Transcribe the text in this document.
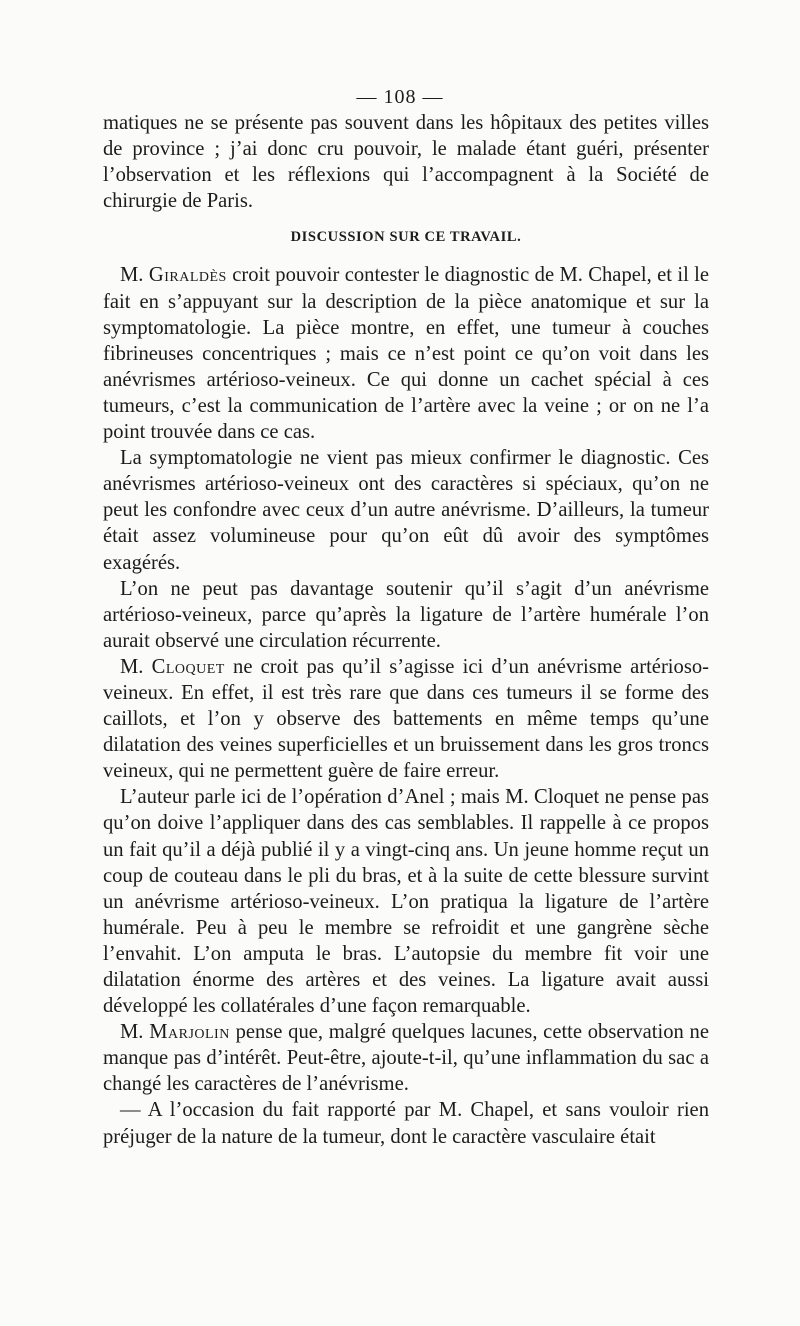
— 108 —

matiques ne se présente pas souvent dans les hôpitaux des petites villes de province ; j’ai donc cru pouvoir, le malade étant guéri, présenter l’observation et les réflexions qui l’accompagnent à la Société de chirurgie de Paris.

DISCUSSION SUR CE TRAVAIL.

M. Giraldès croit pouvoir contester le diagnostic de M. Chapel, et il le fait en s’appuyant sur la description de la pièce anatomique et sur la symptomatologie. La pièce montre, en effet, une tumeur à couches fibrineuses concentriques ; mais ce n’est point ce qu’on voit dans les anévrismes artérioso-veineux. Ce qui donne un cachet spécial à ces tumeurs, c’est la communication de l’artère avec la veine ; or on ne l’a point trouvée dans ce cas.

La symptomatologie ne vient pas mieux confirmer le diagnostic. Ces anévrismes artérioso-veineux ont des caractères si spéciaux, qu’on ne peut les confondre avec ceux d’un autre anévrisme. D’ailleurs, la tumeur était assez volumineuse pour qu’on eût dû avoir des symptômes exagérés.

L’on ne peut pas davantage soutenir qu’il s’agit d’un anévrisme artérioso-veineux, parce qu’après la ligature de l’artère humérale l’on aurait observé une circulation récurrente.

M. Cloquet ne croit pas qu’il s’agisse ici d’un anévrisme artérioso-veineux. En effet, il est très rare que dans ces tumeurs il se forme des caillots, et l’on y observe des battements en même temps qu’une dilatation des veines superficielles et un bruissement dans les gros troncs veineux, qui ne permettent guère de faire erreur.

L’auteur parle ici de l’opération d’Anel ; mais M. Cloquet ne pense pas qu’on doive l’appliquer dans des cas semblables. Il rappelle à ce propos un fait qu’il a déjà publié il y a vingt-cinq ans. Un jeune homme reçut un coup de couteau dans le pli du bras, et à la suite de cette blessure survint un anévrisme artérioso-veineux. L’on pratiqua la ligature de l’artère humérale. Peu à peu le membre se refroidit et une gangrène sèche l’envahit. L’on amputa le bras. L’autopsie du membre fit voir une dilatation énorme des artères et des veines. La ligature avait aussi développé les collatérales d’une façon remarquable.

M. Marjolin pense que, malgré quelques lacunes, cette observation ne manque pas d’intérêt. Peut-être, ajoute-t-il, qu’une inflammation du sac a changé les caractères de l’anévrisme.

— A l’occasion du fait rapporté par M. Chapel, et sans vouloir rien préjuger de la nature de la tumeur, dont le caractère vasculaire était
